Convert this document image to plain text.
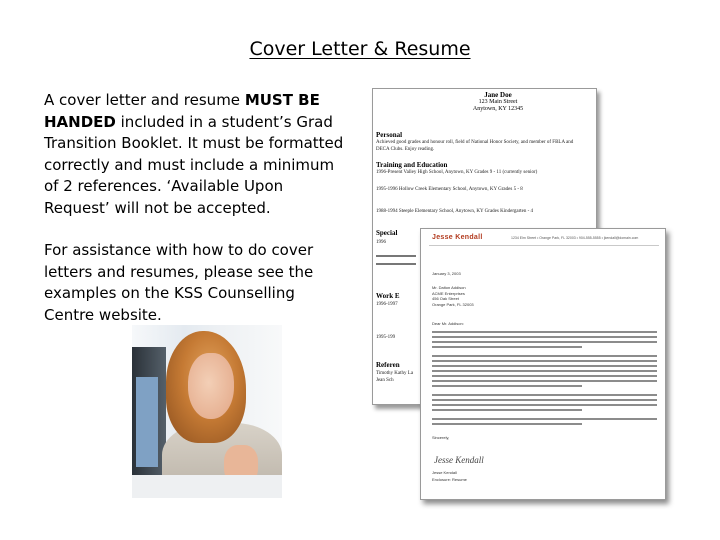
Cover Letter & Resume
A cover letter and resume MUST BE HANDED included in a student’s Grad Transition Booklet. It must be formatted correctly and must include a minimum of 2 references. ‘Available Upon Request’ will not be accepted.
For assistance with how to do cover letters and resumes, please see the examples on the KSS Counselling Centre website.
Jane Doe
123 Main Street
Anytown, KY 12345
Personal
Achieved good grades and honour roll, field of National Honor Society, and member of FBLA and DECA Clubs. Enjoy reading.
Training and Education
1996-Present Valley High School, Anytown, KY Grades 9 - 11 (currently senior)
1995-1996 Hollow Creek Elementary School, Anytown, KY Grades 5 - 8
1988-1994 Steeple Elementary School, Anytown, KY Grades Kindergarten - 4
Special
1996
Work E
1996-1997
1995-199
Referen
Timothy Kathy La Jean Sch
Jesse Kendall	1234 Elm Street • Orange Park, FL 32003 • 904-555-5555 • jkendall@domain.com
January 3, 2003
Mr. Dalton Addison
ACME Enterprises
456 Oak Street
Orange Park, FL 32003
Dear Mr. Addison:
Sincerely,
Jesse Kendall
Jesse Kendall
Enclosure: Resume
